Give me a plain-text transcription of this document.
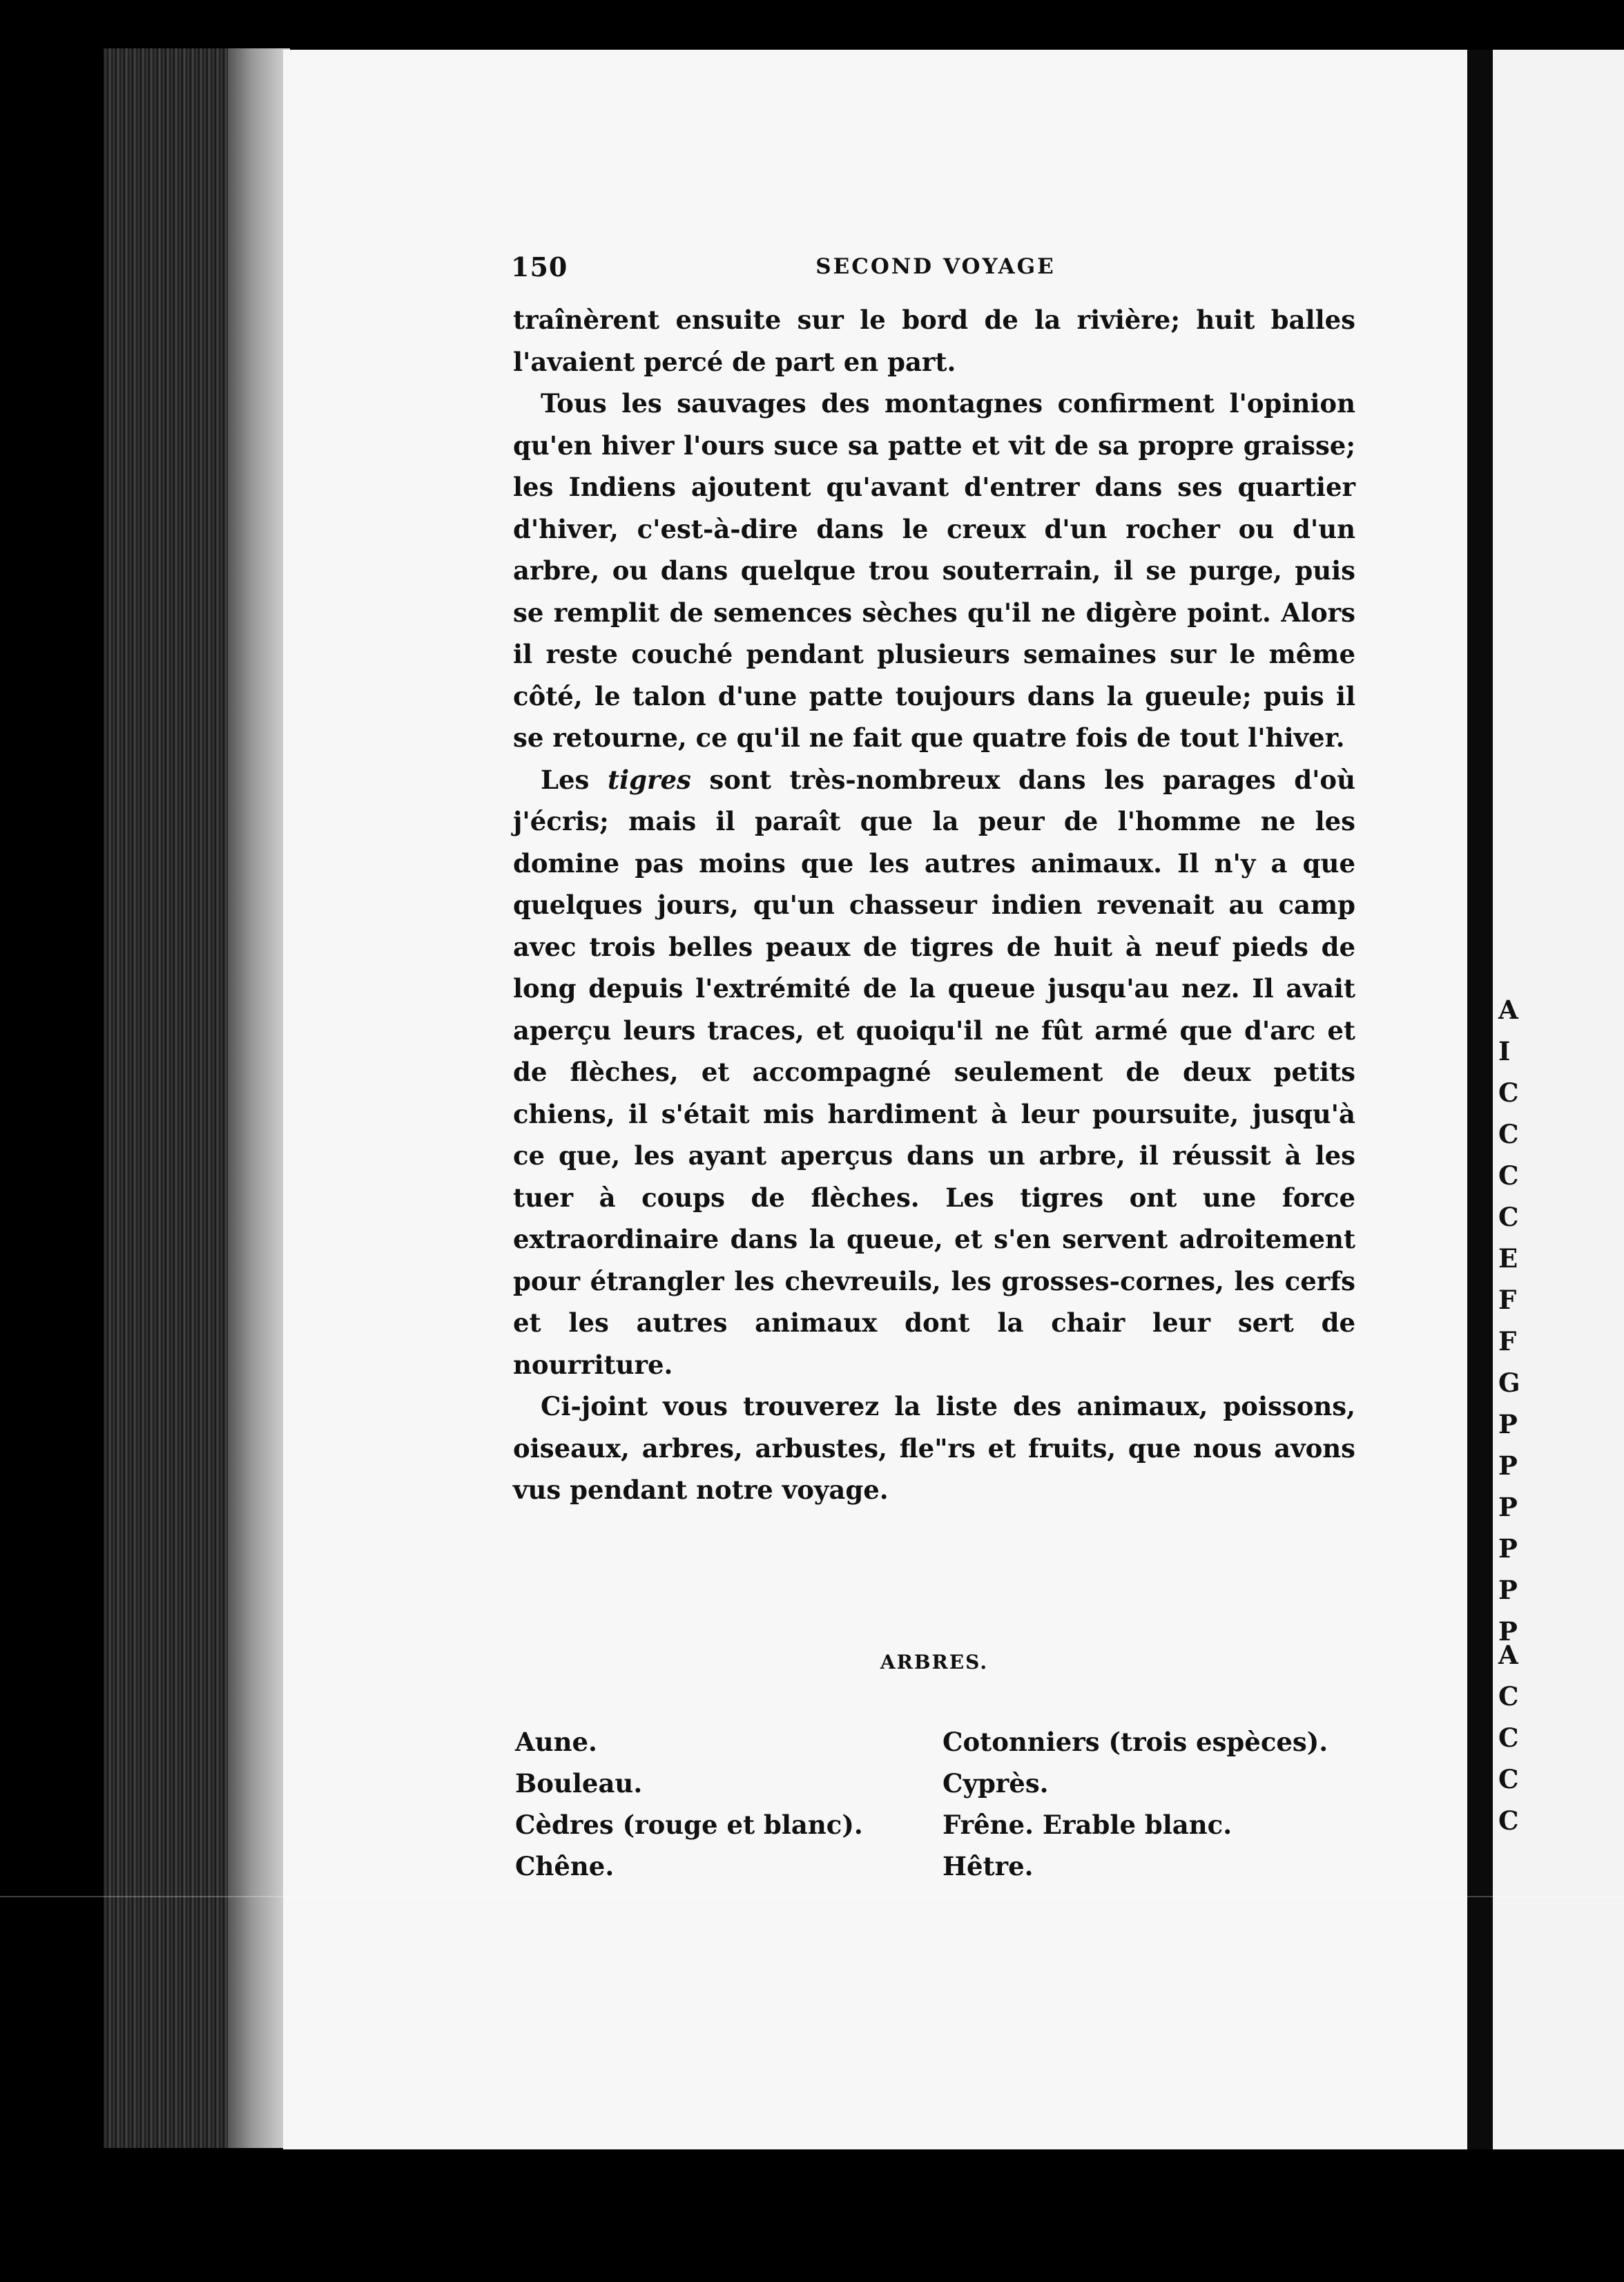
150	SECOND VOYAGE

traînèrent ensuite sur le bord de la rivière; huit balles l'avaient percé de part en part.

Tous les sauvages des montagnes confirment l'opinion qu'en hiver l'ours suce sa patte et vit de sa propre graisse; les Indiens ajoutent qu'avant d'entrer dans ses quartier d'hiver, c'est-à-dire dans le creux d'un rocher ou d'un arbre, ou dans quelque trou souterrain, il se purge, puis se remplit de semences sèches qu'il ne digère point. Alors il reste couché pendant plusieurs semaines sur le même côté, le talon d'une patte toujours dans la gueule; puis il se retourne, ce qu'il ne fait que quatre fois de tout l'hiver.

Les tigres sont très-nombreux dans les parages d'où j'écris; mais il paraît que la peur de l'homme ne les domine pas moins que les autres animaux. Il n'y a que quelques jours, qu'un chasseur indien revenait au camp avec trois belles peaux de tigres de huit à neuf pieds de long depuis l'extrémité de la queue jusqu'au nez. Il avait aperçu leurs traces, et quoiqu'il ne fût armé que d'arc et de flèches, et accompagné seulement de deux petits chiens, il s'était mis hardiment à leur poursuite, jusqu'à ce que, les ayant aperçus dans un arbre, il réussit à les tuer à coups de flèches. Les tigres ont une force extraordinaire dans la queue, et s'en servent adroitement pour étrangler les chevreuils, les grosses-cornes, les cerfs et les autres animaux dont la chair leur sert de nourriture.

Ci-joint vous trouverez la liste des animaux, poissons, oiseaux, arbres, arbustes, fle"rs et fruits, que nous avons vus pendant notre voyage.

ARBRES.
Aune.
Bouleau.
Cèdres (rouge et blanc).
Chêne.
Cotonniers (trois espèces).
Cyprès.
Frêne. Erable blanc.
Hêtre.
A
I
C
C
C
C
E
F
F
G
P
P
P
P
P
P
A
C
C
C
C
